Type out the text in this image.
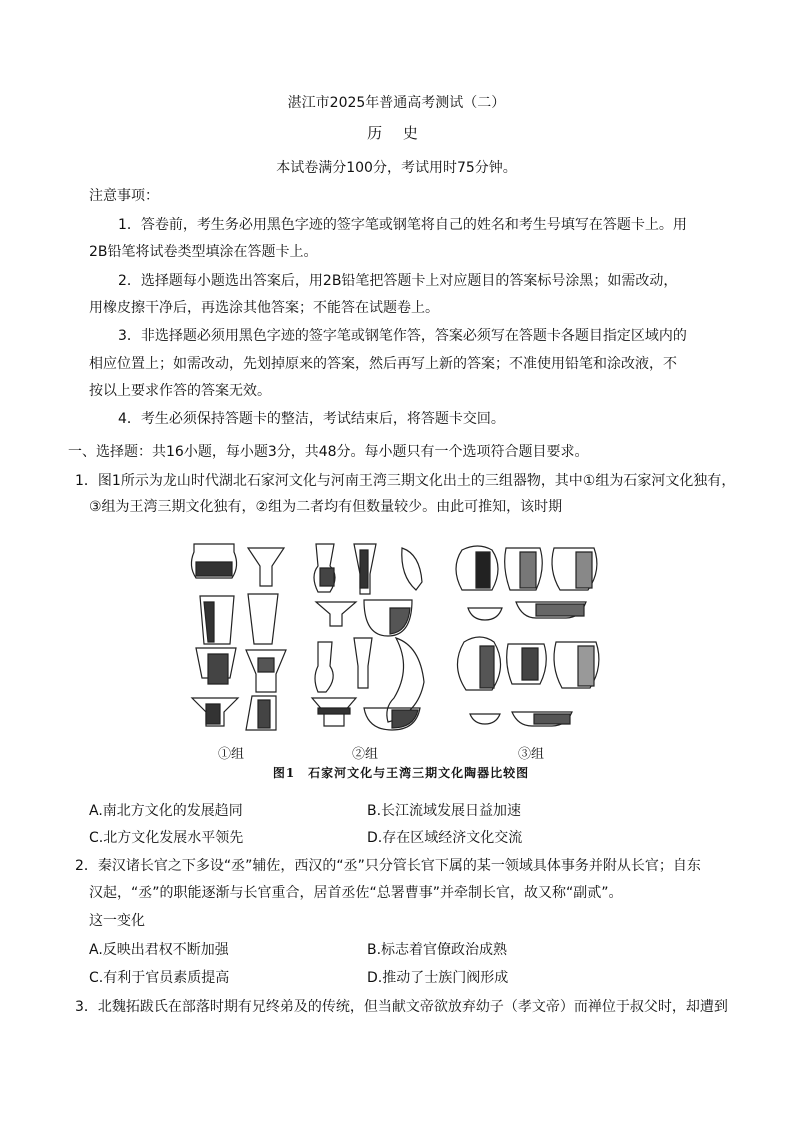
湛江市2025年普通高考测试（二）
历 史
本试卷满分100分，考试用时75分钟。
注意事项：
1．答卷前，考生务必用黑色字迹的签字笔或钢笔将自己的姓名和考生号填写在答题卡上。用
2B铅笔将试卷类型填涂在答题卡上。
2．选择题每小题选出答案后，用2B铅笔把答题卡上对应题目的答案标号涂黑；如需改动，
用橡皮擦干净后，再选涂其他答案；不能答在试题卷上。
3．非选择题必须用黑色字迹的签字笔或钢笔作答，答案必须写在答题卡各题目指定区域内的
相应位置上；如需改动，先划掉原来的答案，然后再写上新的答案；不准使用铅笔和涂改液，不
按以上要求作答的答案无效。
4．考生必须保持答题卡的整洁，考试结束后，将答题卡交回。
一、选择题：共16小题，每小题3分，共48分。每小题只有一个选项符合题目要求。
1．图1所示为龙山时代湖北石家河文化与河南王湾三期文化出土的三组器物，其中①组为石家河文化独有，
③组为王湾三期文化独有，②组为二者均有但数量较少。由此可推知，该时期
①组	②组	③组
图1　石家河文化与王湾三期文化陶器比较图
A.南北方文化的发展趋同	B.长江流域发展日益加速
C.北方文化发展水平领先	D.存在区域经济文化交流
2．秦汉诸长官之下多设“丞”辅佐，西汉的“丞”只分管长官下属的某一领域具体事务并附从长官；自东
汉起，“丞”的职能逐渐与长官重合，居首丞佐“总署曹事”并牵制长官，故又称“副贰”。
这一变化
A.反映出君权不断加强	B.标志着官僚政治成熟
C.有利于官员素质提高	D.推动了士族门阀形成
3．北魏拓跋氏在部落时期有兄终弟及的传统，但当献文帝欲放弃幼子（孝文帝）而禅位于叔父时，却遭到
